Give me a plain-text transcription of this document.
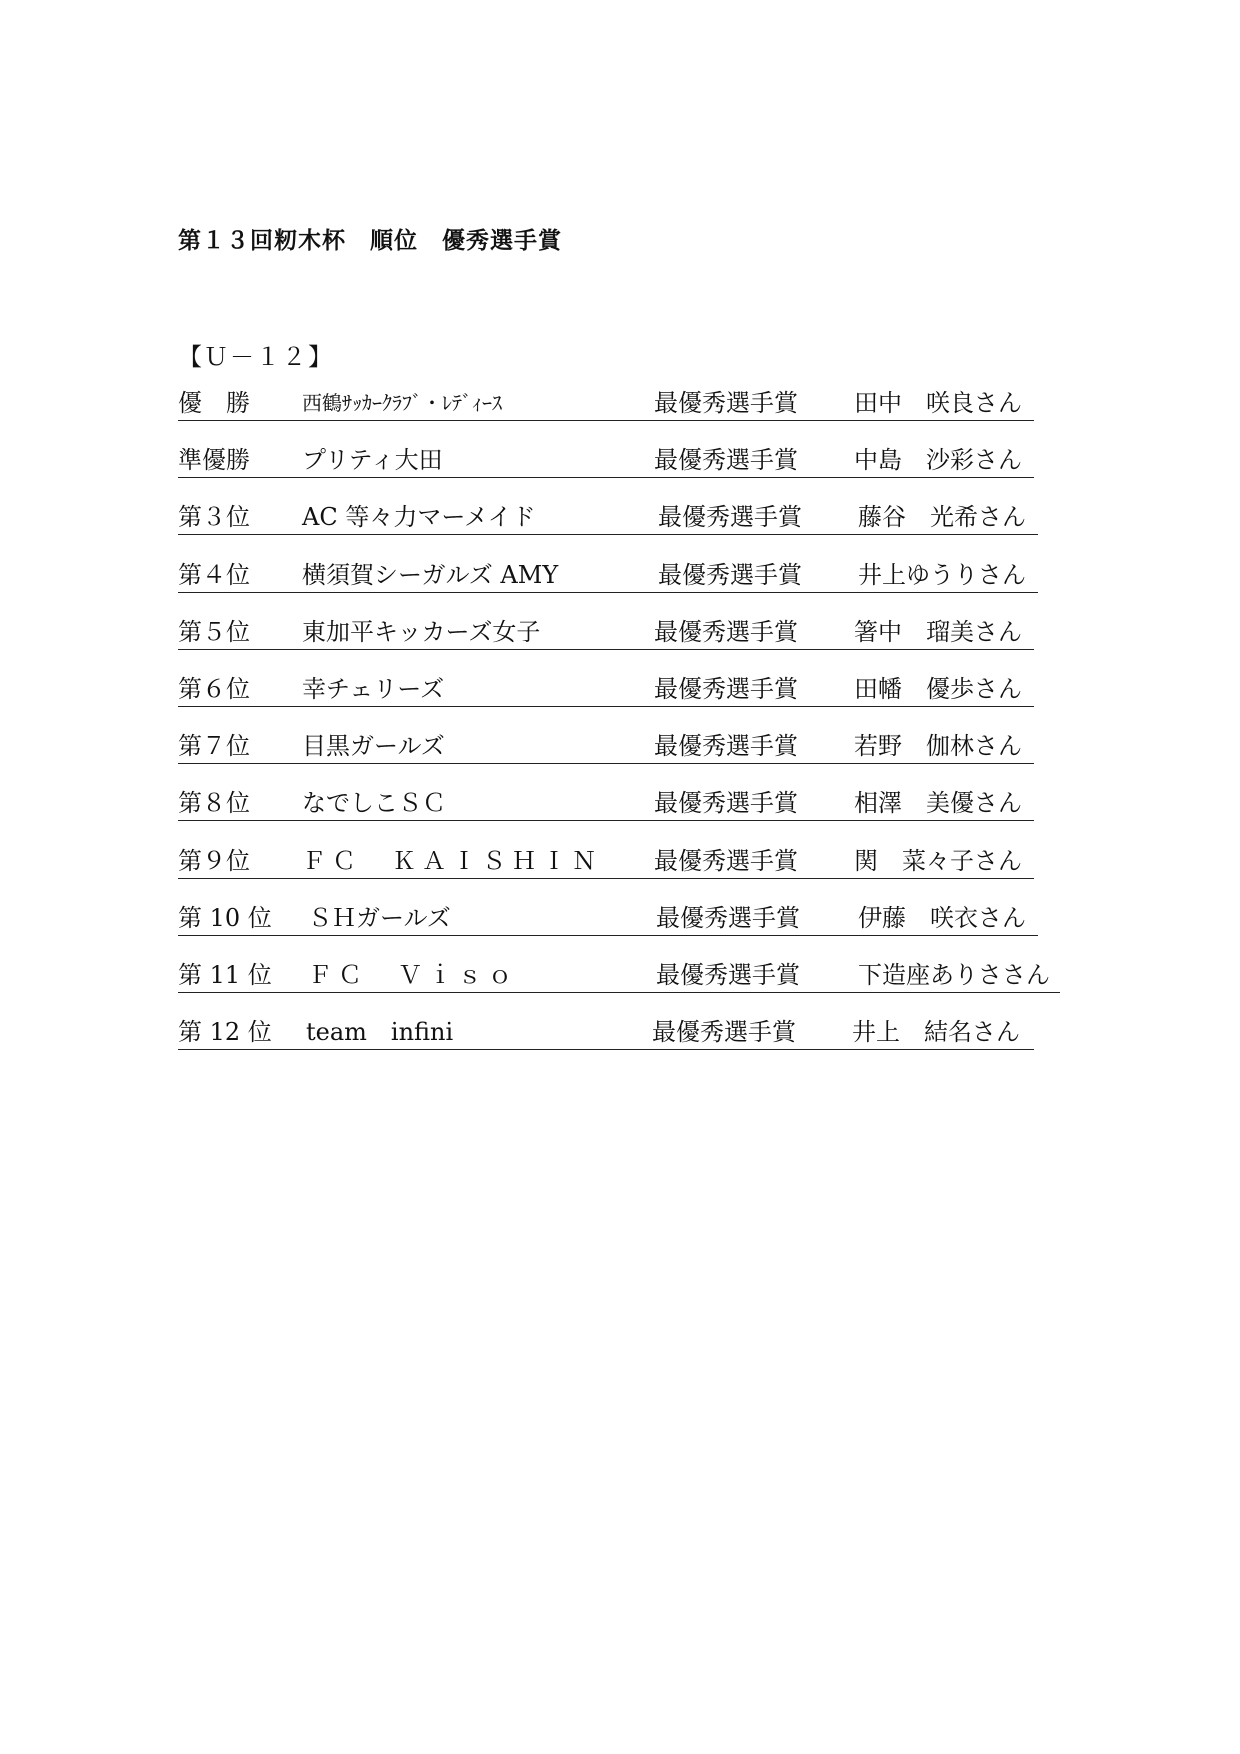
第１３回籾木杯　順位　優秀選手賞
【Ｕ－１２】
優　勝	西鶴ｻｯｶｰｸﾗﾌﾞ・ﾚﾃﾞｨｰｽ	最優秀選手賞 田中　咲良さん
準優勝 プリティ大田	最優秀選手賞 中島　沙彩さん
第３位 AC 等々力マーメイド	最優秀選手賞 藤谷　光希さん
第４位 横須賀シーガルズ AMY	最優秀選手賞 井上ゆうりさん
第５位 東加平キッカーズ女子	最優秀選手賞 箸中　瑠美さん
第６位 幸チェリーズ	最優秀選手賞 田幡　優歩さん
第７位 目黒ガールズ	最優秀選手賞 若野　伽林さん
第８位 なでしこＳＣ	最優秀選手賞 相澤　美優さん
第９位 ＦＣ　ＫＡＩＳＨＩＮ 最優秀選手賞 関　菜々子さん
第 10 位 ＳＨガールズ	最優秀選手賞 伊藤　咲衣さん
第 11 位 ＦＣ　Ｖｉｓｏ	最優秀選手賞 下造座ありささん
第 12 位 team　infini	最優秀選手賞 井上　結名さん
